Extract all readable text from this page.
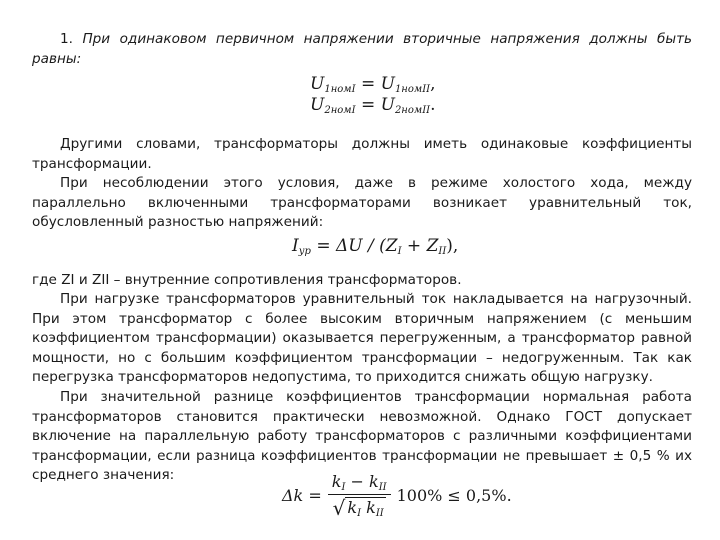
1. При одинаковом первичном напряжении вторичные напряжения должны быть равны:

$U_{1номI} = U_{1номII}$,
$U_{2номI} = U_{2номII}$.

Другими словами, трансформаторы должны иметь одинаковые коэффициенты трансформации.

При несоблюдении этого условия, даже в режиме холостого хода, между параллельно включенными трансформаторами возникает уравнительный ток, обусловленный разностью напряжений:

$I_{ур} = \Delta U / (Z_I + Z_{II})$,

где ZI и ZII – внутренние сопротивления трансформаторов.

При нагрузке трансформаторов уравнительный ток накладывается на нагрузочный. При этом трансформатор с более высоким вторичным напряжением (с меньшим коэффициентом трансформации) оказывается перегруженным, а трансформатор равной мощности, но с большим коэффициентом трансформации – недогруженным. Так как перегрузка трансформаторов недопустима, то приходится снижать общую нагрузку.

При значительной разнице коэффициентов трансформации нормальная работа трансформаторов становится практически невозможной. Однако ГОСТ допускает включение на параллельную работу трансформаторов с различными коэффициентами трансформации, если разница коэффициентов трансформации не превышает ± 0,5 % их среднего значения:

$\Delta k = \frac{k_I - k_{II}}{√ k_I k_{II}} 100\% \le 0,5\%$.
